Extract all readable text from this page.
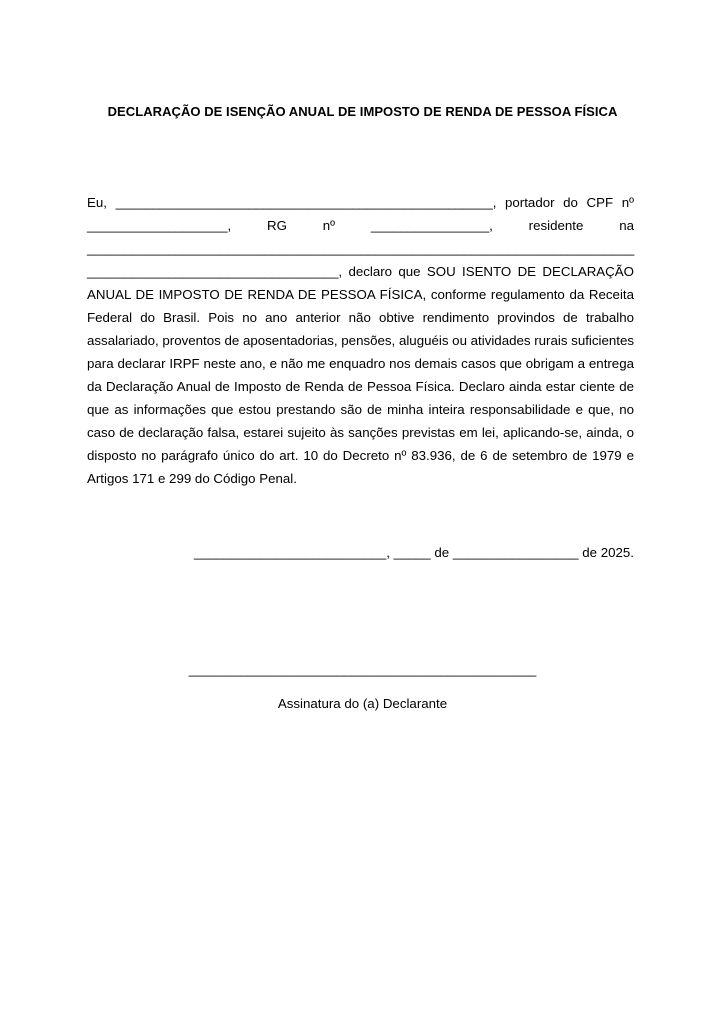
DECLARAÇÃO DE ISENÇÃO ANUAL DE IMPOSTO DE RENDA DE PESSOA FÍSICA
Eu, ___________________________________________________, portador do CPF nº
___________________, RG nº ________________, residente na
__________________________________________________________________________
__________________________________, declaro que SOU ISENTO DE DECLARAÇÃO
ANUAL DE IMPOSTO DE RENDA DE PESSOA FÍSICA, conforme regulamento da Receita
Federal do Brasil. Pois no ano anterior não obtive rendimento provindos de trabalho
assalariado, proventos de aposentadorias, pensões, aluguéis ou atividades rurais suficientes
para declarar IRPF neste ano, e não me enquadro nos demais casos que obrigam a entrega
da Declaração Anual de Imposto de Renda de Pessoa Física. Declaro ainda estar ciente de
que as informações que estou prestando são de minha inteira responsabilidade e que, no
caso de declaração falsa, estarei sujeito às sanções previstas em lei, aplicando-se, ainda, o
disposto no parágrafo único do art. 10 do Decreto nº 83.936, de 6 de setembro de 1979 e
Artigos 171 e 299 do Código Penal.
__________________________, _____ de _________________ de 2025.
_______________________________________________
Assinatura do (a) Declarante
